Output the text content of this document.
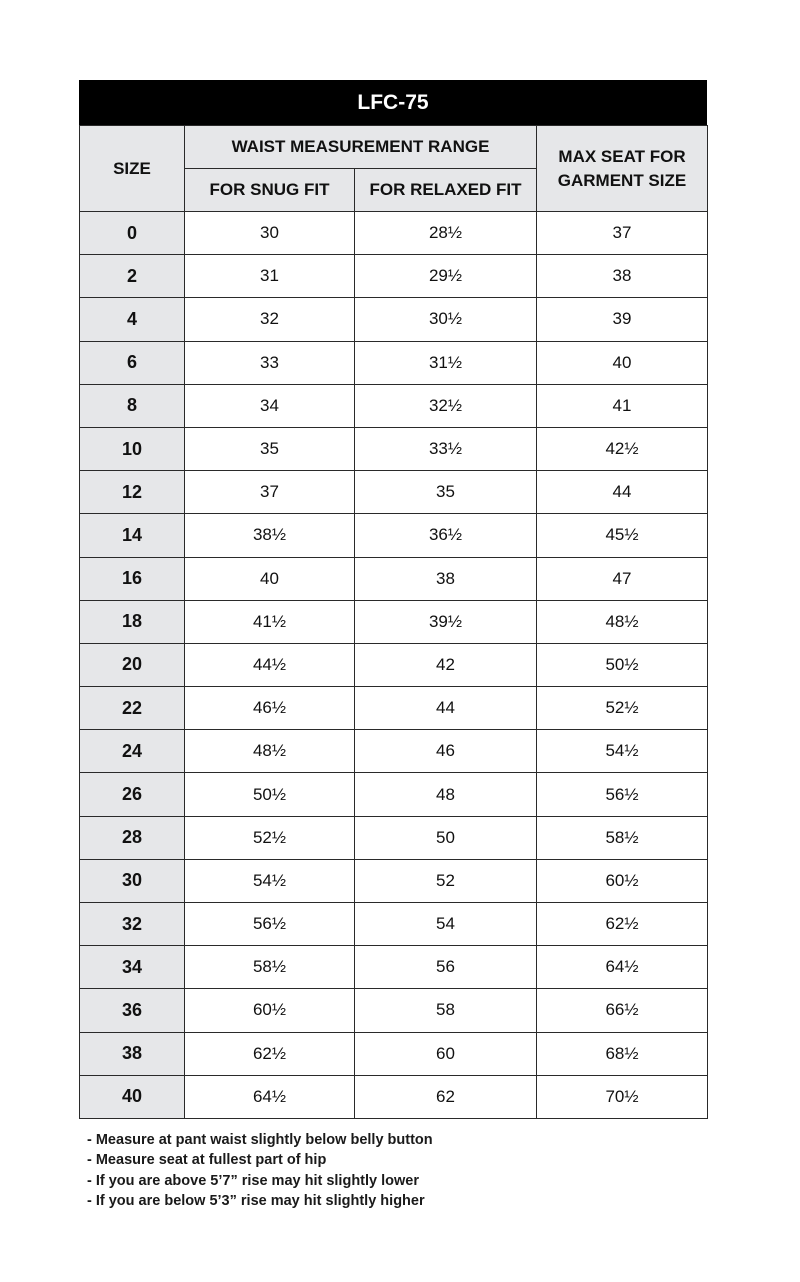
LFC-75
SIZE	WAIST MEASUREMENT RANGE		MAX SEAT FOR
GARMENT SIZE

	FOR SNUG FIT	FOR RELAXED FIT	
0	30	28½	37
2	31	29½	38
4	32	30½	39
6	33	31½	40
8	34	32½	41
10	35	33½	42½
12	37	35	44
14	38½	36½	45½
16	40	38	47
18	41½	39½	48½
20	44½	42	50½
22	46½	44	52½
24	48½	46	54½
26	50½	48	56½
28	52½	50	58½
30	54½	52	60½
32	56½	54	62½
34	58½	56	64½
36	60½	58	66½
38	62½	60	68½
40	64½	62	70½
- Measure at pant waist slightly below belly button
- Measure seat at fullest part of hip
- If you are above 5’7” rise may hit slightly lower
- If you are below 5’3” rise may hit slightly higher
